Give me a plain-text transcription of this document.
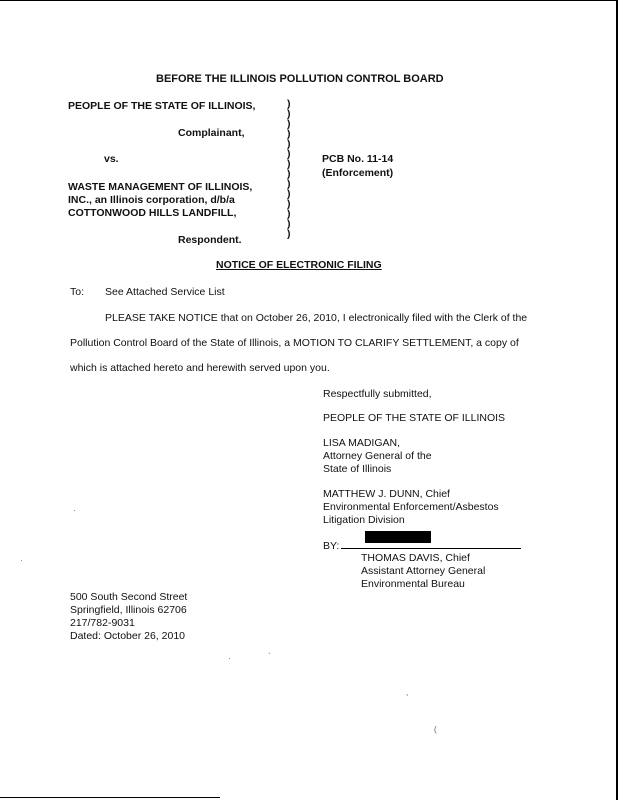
BEFORE THE ILLINOIS POLLUTION CONTROL BOARD
PEOPLE OF THE STATE OF ILLINOIS,
Complainant,
vs.
WASTE MANAGEMENT OF ILLINOIS,
INC., an Illinois corporation, d/b/a
COTTONWOOD HILLS LANDFILL,
Respondent.
)
)
)
)
)
)
)
)
)
)
)
)
)
)
PCB No. 11-14
(Enforcement)
NOTICE OF ELECTRONIC FILING
To: See Attached Service List
PLEASE TAKE NOTICE that on October 26, 2010, I electronically filed with the Clerk of the
Pollution Control Board of the State of Illinois, a MOTION TO CLARIFY SETTLEMENT, a copy of
which is attached hereto and herewith served upon you.
Respectfully submitted,
PEOPLE OF THE STATE OF ILLINOIS
LISA MADIGAN,
Attorney General of the
State of Illinois
MATTHEW J. DUNN, Chief
Environmental Enforcement/Asbestos
Litigation Division
BY:
THOMAS DAVIS, Chief
Assistant Attorney General
Environmental Bureau
500 South Second Street
Springfield, Illinois 62706
217/782-9031
Dated: October 26, 2010
·
·
·	`
,
(
